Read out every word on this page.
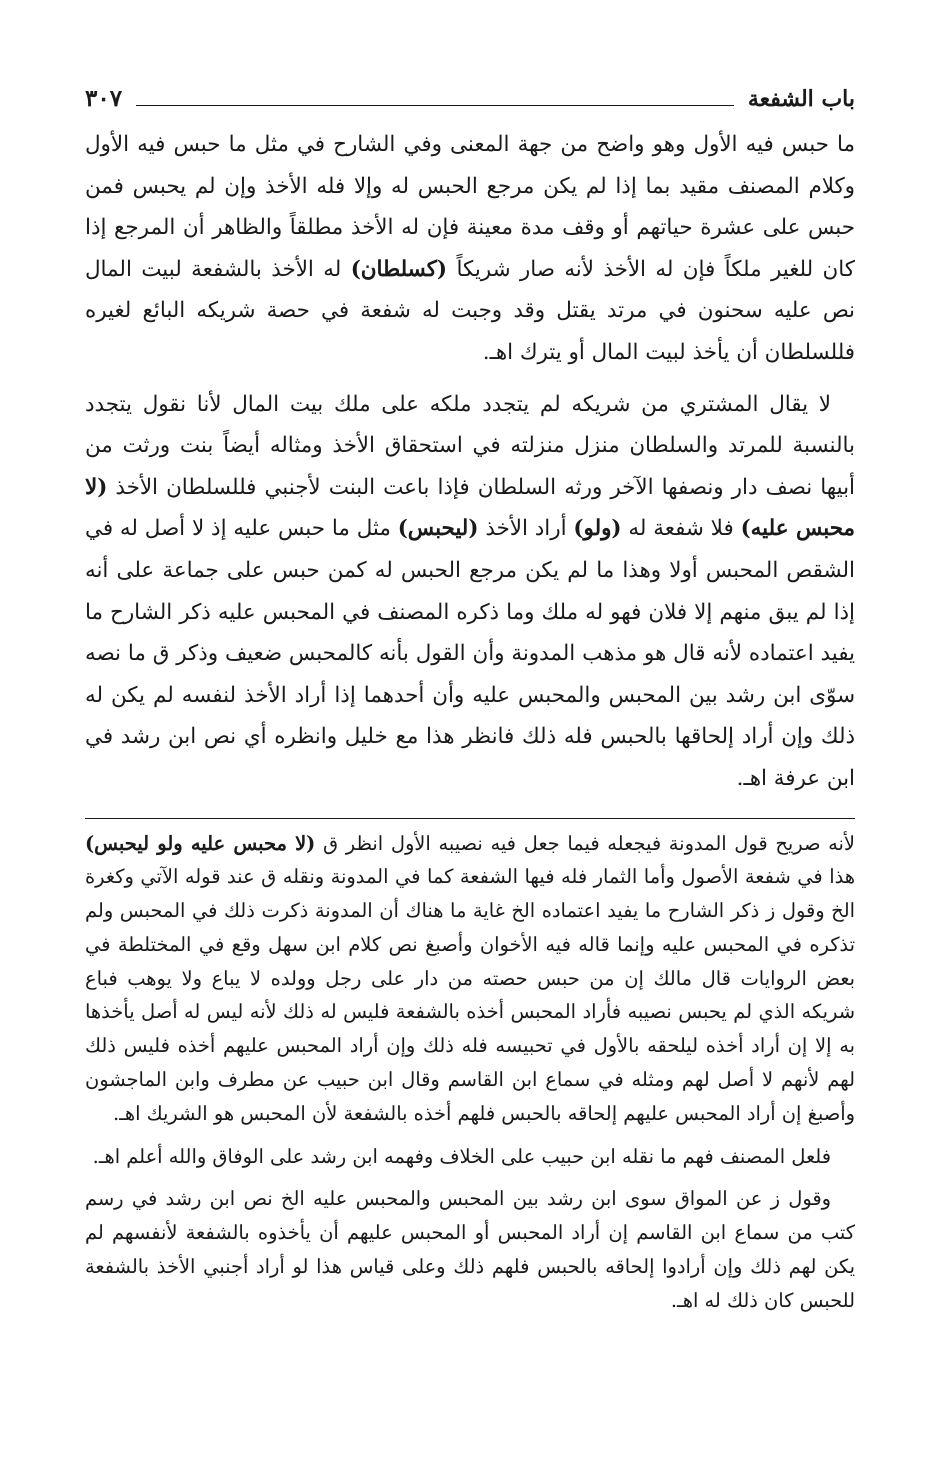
باب الشفعة
٣٠٧

ما حبس فيه الأول وهو واضح من جهة المعنى وفي الشارح في مثل ما حبس فيه الأول وكلام المصنف مقيد بما إذا لم يكن مرجع الحبس له وإلا فله الأخذ وإن لم يحبس فمن حبس على عشرة حياتهم أو وقف مدة معينة فإن له الأخذ مطلقاً والظاهر أن المرجع إذا كان للغير ملكاً فإن له الأخذ لأنه صار شريكاً (كسلطان) له الأخذ بالشفعة لبيت المال نص عليه سحنون في مرتد يقتل وقد وجبت له شفعة في حصة شريكه البائع لغيره فللسلطان أن يأخذ لبيت المال أو يترك اهـ.

لا يقال المشتري من شريكه لم يتجدد ملكه على ملك بيت المال لأنا نقول يتجدد بالنسبة للمرتد والسلطان منزل منزلته في استحقاق الأخذ ومثاله أيضاً بنت ورثت من أبيها نصف دار ونصفها الآخر ورثه السلطان فإذا باعت البنت لأجنبي فللسلطان الأخذ (لا محبس عليه) فلا شفعة له (ولو) أراد الأخذ (ليحبس) مثل ما حبس عليه إذ لا أصل له في الشقص المحبس أولا وهذا ما لم يكن مرجع الحبس له كمن حبس على جماعة على أنه إذا لم يبق منهم إلا فلان فهو له ملك وما ذكره المصنف في المحبس عليه ذكر الشارح ما يفيد اعتماده لأنه قال هو مذهب المدونة وأن القول بأنه كالمحبس ضعيف وذكر ق ما نصه سوّى ابن رشد بين المحبس والمحبس عليه وأن أحدهما إذا أراد الأخذ لنفسه لم يكن له ذلك وإن أراد إلحاقها بالحبس فله ذلك فانظر هذا مع خليل وانظره أي نص ابن رشد في ابن عرفة اهـ.

لأنه صريح قول المدونة فيجعله فيما جعل فيه نصيبه الأول انظر ق (لا محبس عليه ولو ليحبس) هذا في شفعة الأصول وأما الثمار فله فيها الشفعة كما في المدونة ونقله ق عند قوله الآتي وكغرة الخ وقول ز ذكر الشارح ما يفيد اعتماده الخ غاية ما هناك أن المدونة ذكرت ذلك في المحبس ولم تذكره في المحبس عليه وإنما قاله فيه الأخوان وأصبغ نص كلام ابن سهل وقع في المختلطة في بعض الروايات قال مالك إن من حبس حصته من دار على رجل وولده لا يباع ولا يوهب فباع شريكه الذي لم يحبس نصيبه فأراد المحبس أخذه بالشفعة فليس له ذلك لأنه ليس له أصل يأخذها به إلا إن أراد أخذه ليلحقه بالأول في تحبيسه فله ذلك وإن أراد المحبس عليهم أخذه فليس ذلك لهم لأنهم لا أصل لهم ومثله في سماع ابن القاسم وقال ابن حبيب عن مطرف وابن الماجشون وأصبغ إن أراد المحبس عليهم إلحاقه بالحبس فلهم أخذه بالشفعة لأن المحبس هو الشريك اهـ.

فلعل المصنف فهم ما نقله ابن حبيب على الخلاف وفهمه ابن رشد على الوفاق والله أعلم اهـ.

وقول ز عن المواق سوى ابن رشد بين المحبس والمحبس عليه الخ نص ابن رشد في رسم كتب من سماع ابن القاسم إن أراد المحبس أو المحبس عليهم أن يأخذوه بالشفعة لأنفسهم لم يكن لهم ذلك وإن أرادوا إلحاقه بالحبس فلهم ذلك وعلى قياس هذا لو أراد أجنبي الأخذ بالشفعة للحبس كان ذلك له اهـ.
